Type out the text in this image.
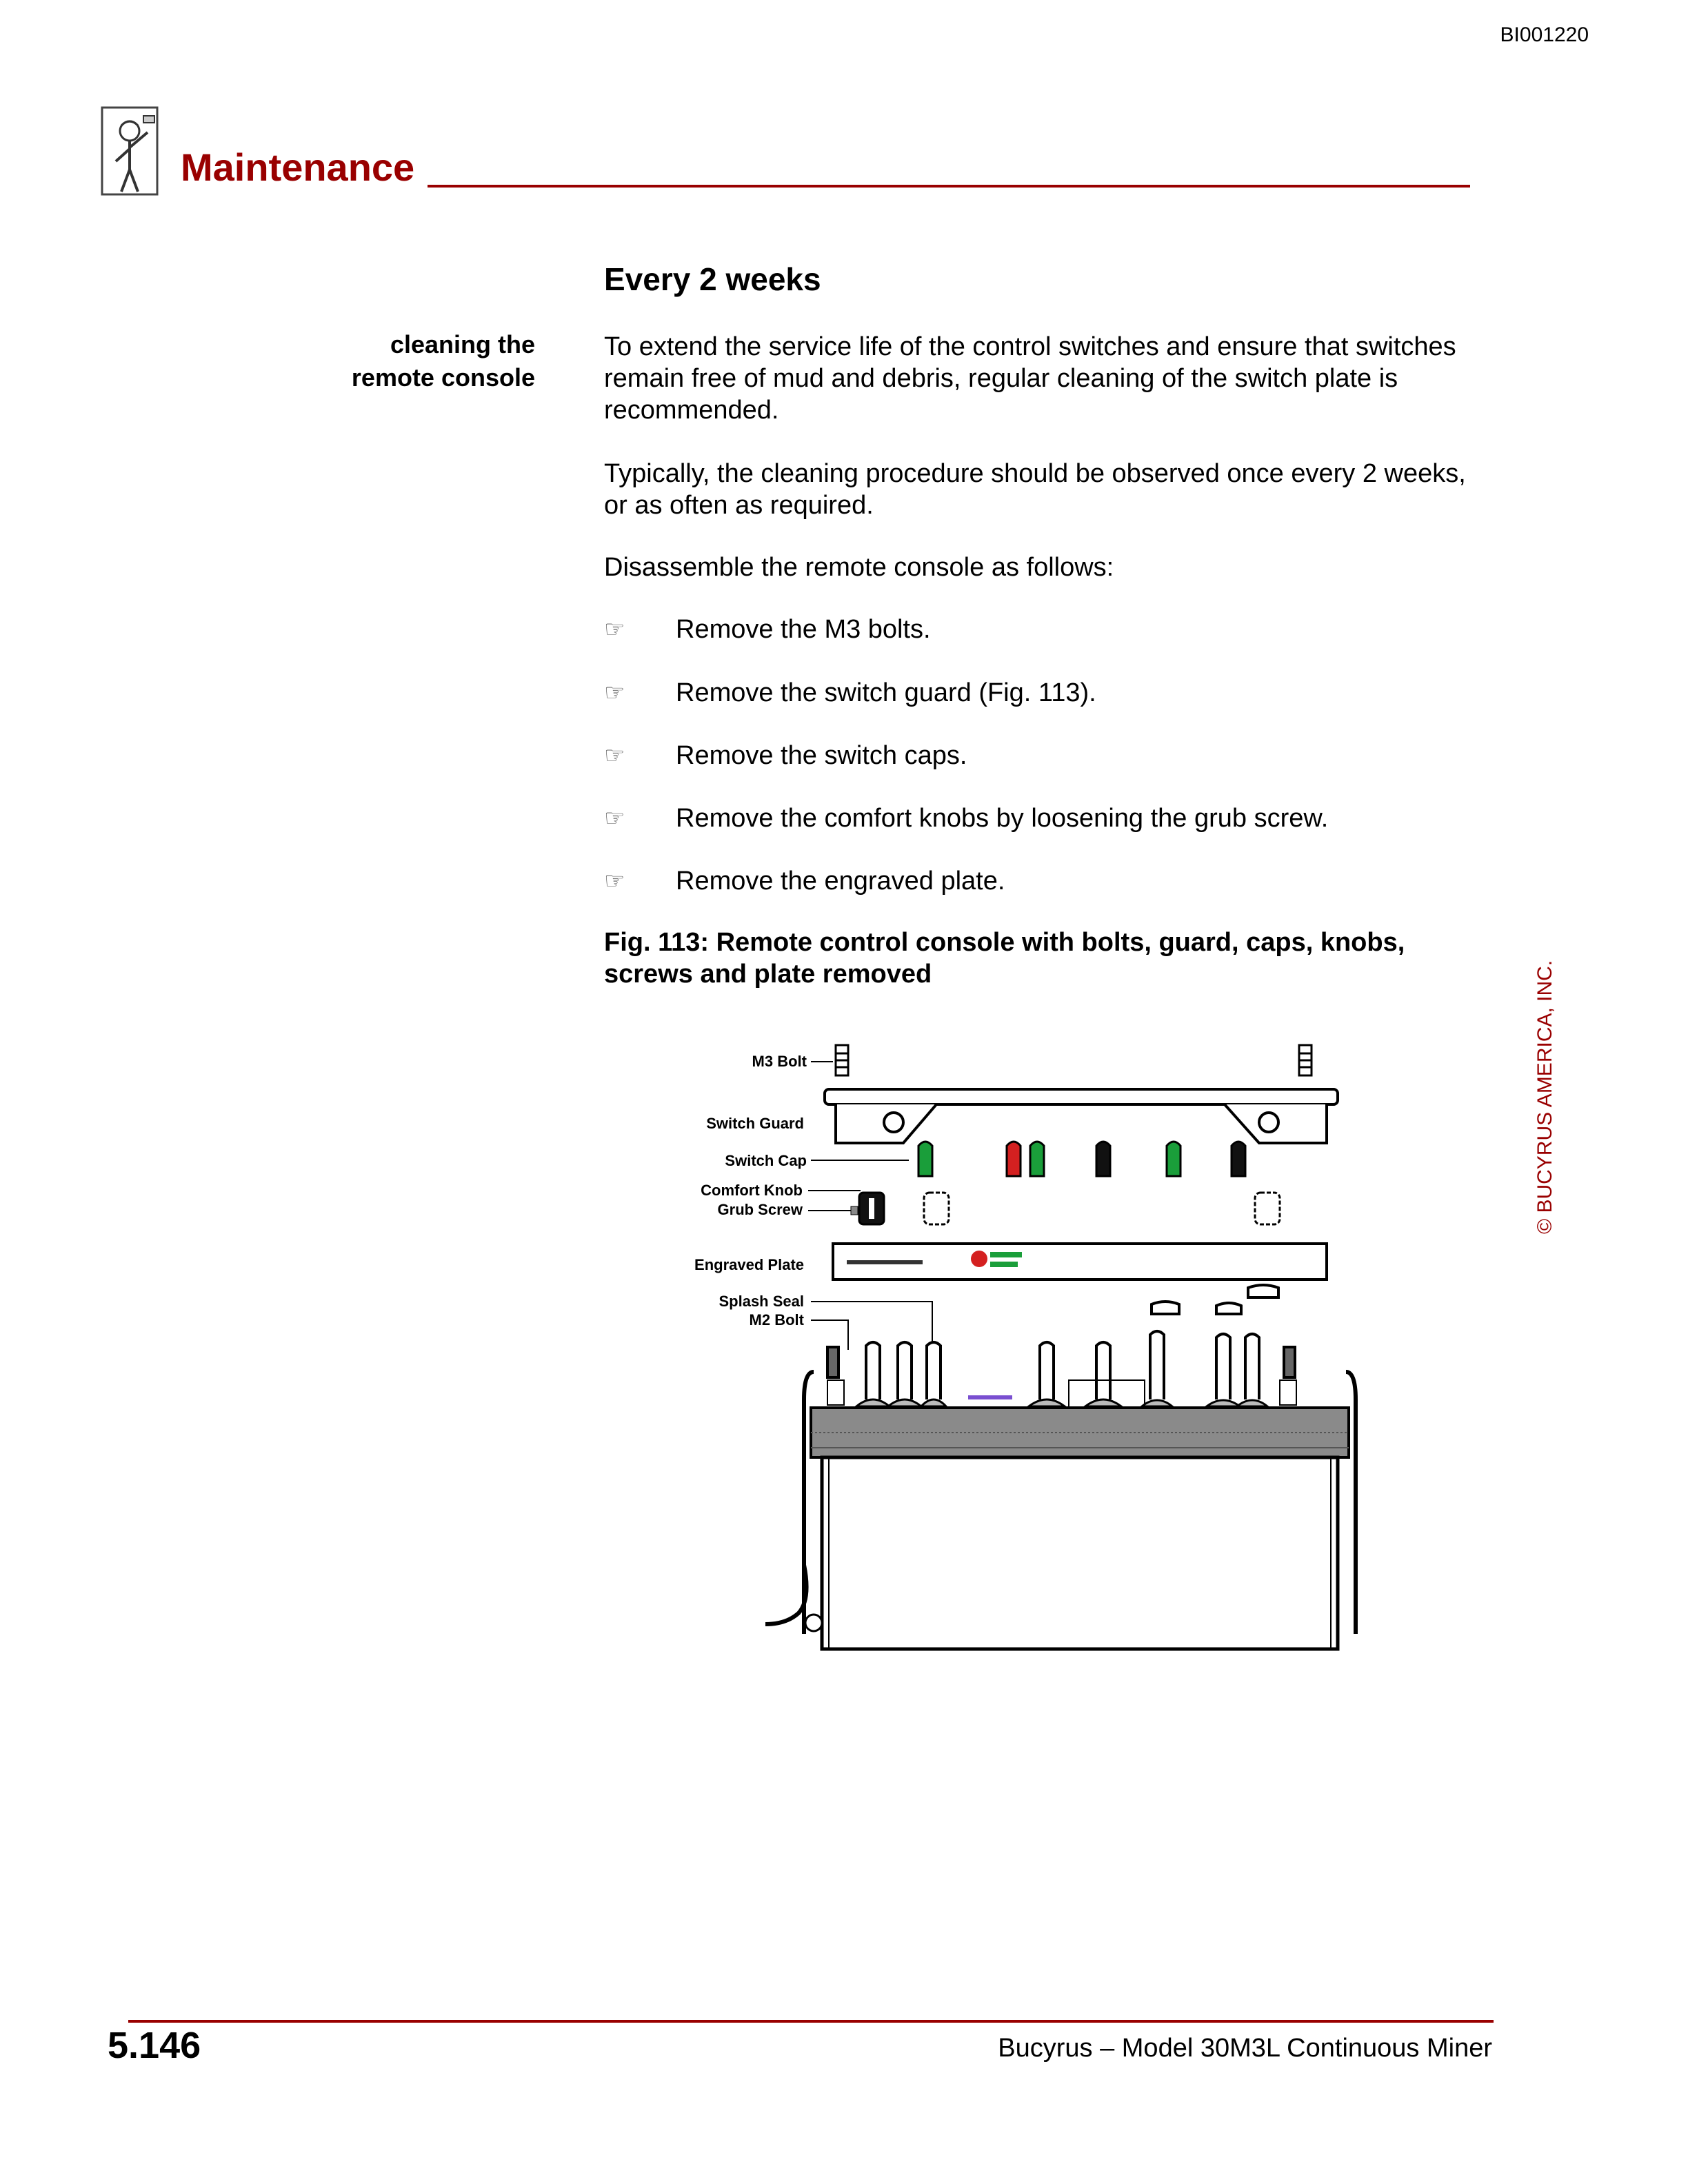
BI001220
Maintenance
Every 2 weeks
cleaning the
remote console
To extend the service life of the control switches and ensure that switches remain free of mud and debris, regular cleaning of the switch plate is recommended.
Typically, the cleaning procedure should be observed once every 2 weeks, or as often as required.
Disassemble the remote console as follows:
☞ Remove the M3 bolts.
☞ Remove the switch guard (Fig. 113).
☞ Remove the switch caps.
☞ Remove the comfort knobs by loosening the grub screw.
☞ Remove the engraved plate.
Fig. 113: Remote control console with bolts, guard, caps, knobs, screws and plate removed
M3 Bolt
Switch Guard
Switch Cap
Comfort Knob
Grub Screw
Engraved Plate
Splash Seal
M2 Bolt
© BUCYRUS AMERICA, INC.
5.146	Bucyrus – Model 30M3L Continuous Miner
